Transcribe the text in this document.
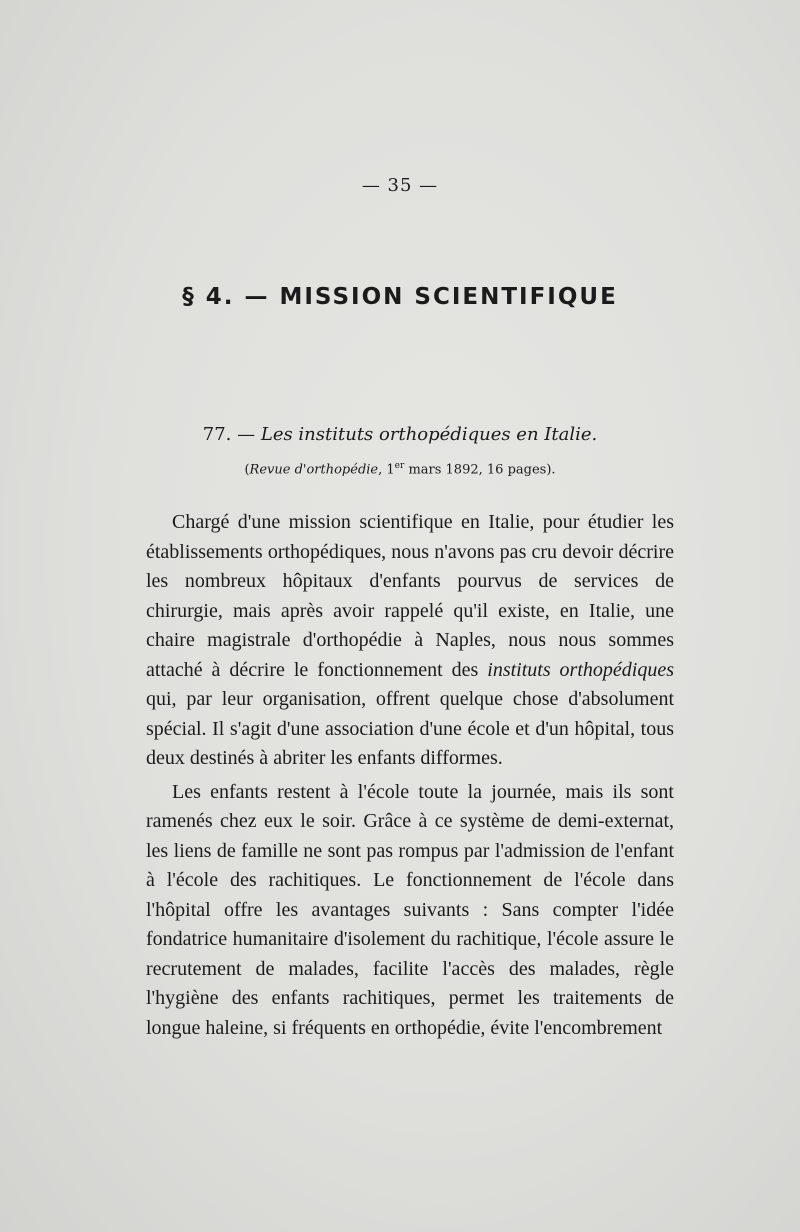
— 35 —
§ 4. — MISSION SCIENTIFIQUE
77. — Les instituts orthopédiques en Italie.
(Revue d'orthopédie, 1er mars 1892, 16 pages).

Chargé d'une mission scientifique en Italie, pour étudier les établissements orthopédiques, nous n'avons pas cru devoir décrire les nombreux hôpitaux d'enfants pourvus de services de chirurgie, mais après avoir rappelé qu'il existe, en Italie, une chaire magistrale d'orthopédie à Naples, nous nous sommes attaché à décrire le fonctionnement des instituts orthopédiques qui, par leur organisation, offrent quelque chose d'absolument spécial. Il s'agit d'une association d'une école et d'un hôpital, tous deux destinés à abriter les enfants difformes.

Les enfants restent à l'école toute la journée, mais ils sont ramenés chez eux le soir. Grâce à ce système de demi-externat, les liens de famille ne sont pas rompus par l'admission de l'enfant à l'école des rachitiques. Le fonctionnement de l'école dans l'hôpital offre les avantages suivants : Sans compter l'idée fondatrice humanitaire d'isolement du rachitique, l'école assure le recrutement de malades, facilite l'accès des malades, règle l'hygiène des enfants rachitiques, permet les traitements de longue haleine, si fréquents en orthopédie, évite l'encombrement
